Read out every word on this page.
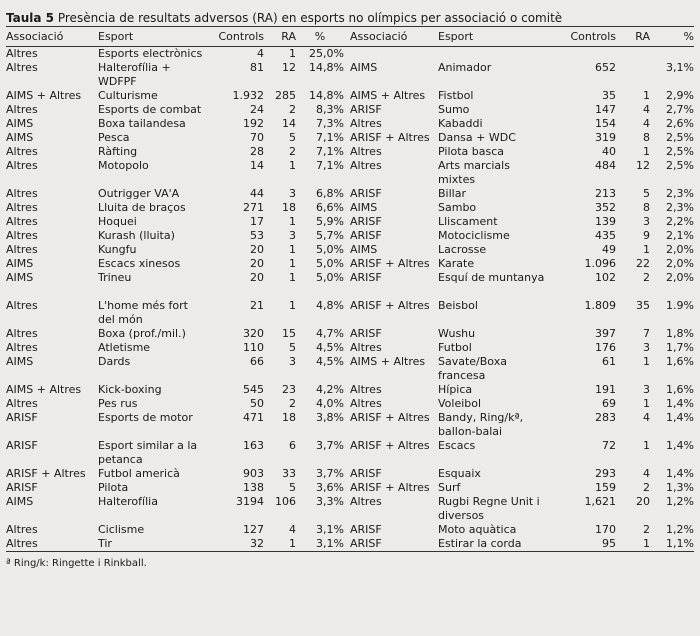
Taula 5 Presència de resultats adversos (RA) en esports no olímpics per associació o comitè
Associació	Esport	Controls	RA	%		Associació	Esport	Controls	RA	%
Altres	Esports electrònics	4	1	25,0%						
Altres	Halterofília + WDFPF	81	12	14,8%		AIMS	Animador	652		3,1%
AIMS + Altres	Culturisme	1.932	285	14,8%		AIMS + Altres	Fistbol	35	1	2,9%
Altres	Esports de combat	24	2	8,3%		ARISF	Sumo	147	4	2,7%
AIMS	Boxa tailandesa	192	14	7,3%		Altres	Kabaddi	154	4	2,6%
AIMS	Pesca	70	5	7,1%		ARISF + Altres	Dansa + WDC	319	8	2,5%
Altres	Ràfting	28	2	7,1%		Altres	Pilota basca	40	1	2,5%
Altres	Motopolo	14	1	7,1%		Altres	Arts marcials mixtes	484	12	2,5%
Altres	Outrigger VA'A	44	3	6,8%		ARISF	Billar	213	5	2,3%
Altres	Lluita de braços	271	18	6,6%		AIMS	Sambo	352	8	2,3%
Altres	Hoquei	17	1	5,9%		ARISF	Lliscament	139	3	2,2%
Altres	Kurash (lluita)	53	3	5,7%		ARISF	Motociclisme	435	9	2,1%
Altres	Kungfu	20	1	5,0%		AIMS	Lacrosse	49	1	2,0%
AIMS	Escacs xinesos	20	1	5,0%		ARISF + Altres	Karate	1.096	22	2,0%
AIMS	Trineu	20	1	5,0%		ARISF	Esquí de muntanya	102	2	2,0%
Altres	L'home més fort del món	21	1	4,8%		ARISF + Altres	Beisbol	1.809	35	1.9%
Altres	Boxa (prof./mil.)	320	15	4,7%		ARISF	Wushu	397	7	1,8%
Altres	Atletisme	110	5	4,5%		Altres	Futbol	176	3	1,7%
AIMS	Dards	66	3	4,5%		AIMS + Altres	Savate/Boxa francesa	61	1	1,6%
AIMS + Altres	Kick-boxing	545	23	4,2%		Altres	Hípica	191	3	1,6%
Altres	Pes rus	50	2	4,0%		Altres	Voleibol	69	1	1,4%
ARISF	Esports de motor	471	18	3,8%		ARISF + Altres	Bandy, Ring/kª, ballon-balai	283	4	1,4%
ARISF	Esport similar a la petanca	163	6	3,7%		ARISF + Altres	Escacs	72	1	1,4%
ARISF + Altres	Futbol americà	903	33	3,7%		ARISF	Esquaix	293	4	1,4%
ARISF	Pilota	138	5	3,6%		ARISF + Altres	Surf	159	2	1,3%
AIMS	Halterofília	3194	106	3,3%		Altres	Rugbi Regne Unit i diversos	1,621	20	1,2%
Altres	Ciclisme	127	4	3,1%		ARISF	Moto aquàtica	170	2	1,2%
Altres	Tir	32	1	3,1%		ARISF	Estirar la corda	95	1	1,1%
ª Ring/k: Ringette i Rinkball.
